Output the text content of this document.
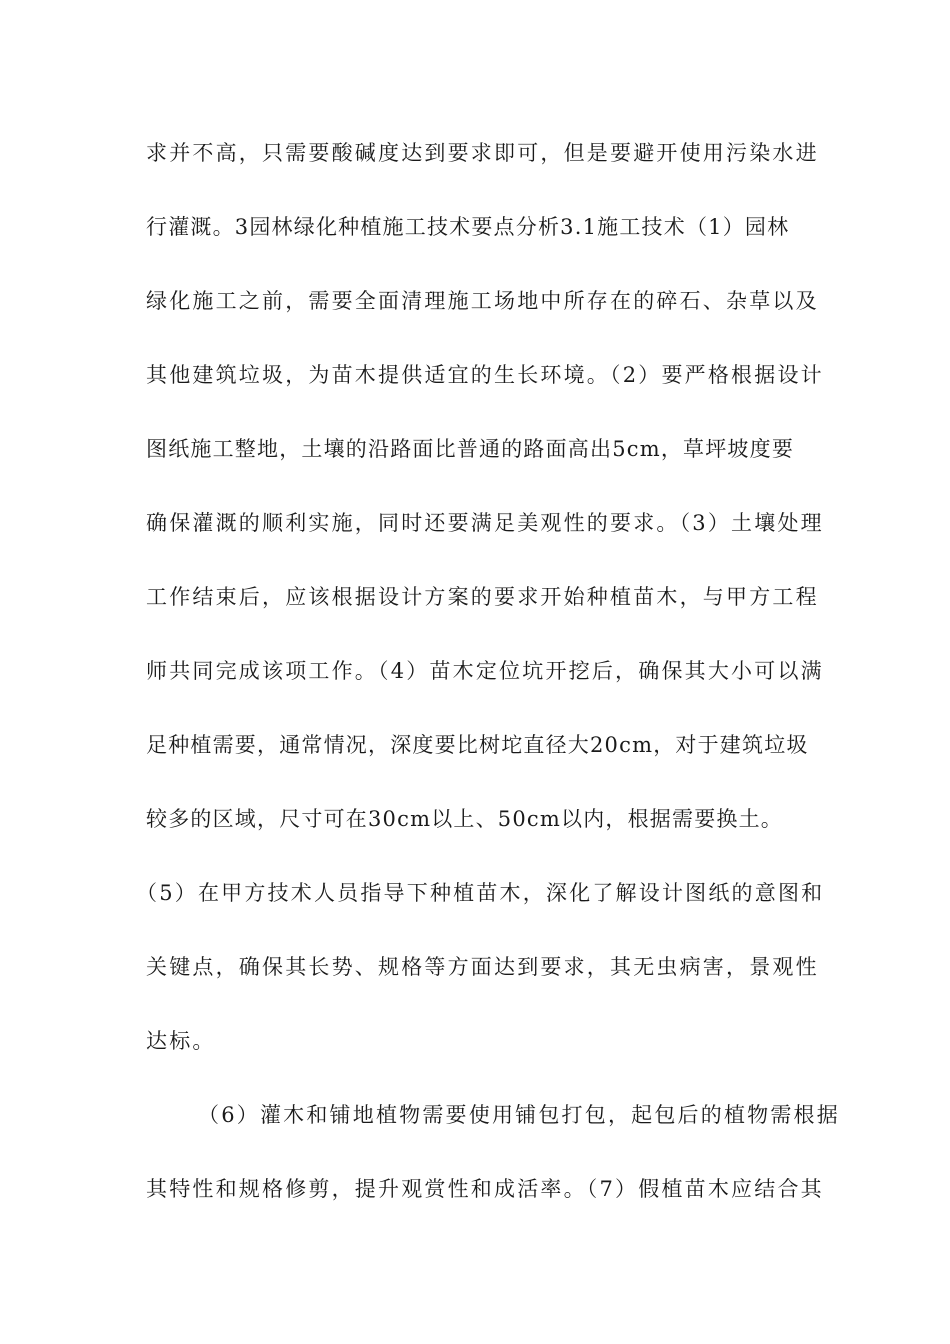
求并不高，只需要酸碱度达到要求即可，但是要避开使用污染水进
行灌溉。3园林绿化种植施工技术要点分析3.1施工技术（1）园林
绿化施工之前，需要全面清理施工场地中所存在的碎石、杂草以及
其他建筑垃圾，为苗木提供适宜的生长环境。（2）要严格根据设计
图纸施工整地，土壤的沿路面比普通的路面高出5cm，草坪坡度要
确保灌溉的顺利实施，同时还要满足美观性的要求。（3）土壤处理
工作结束后，应该根据设计方案的要求开始种植苗木，与甲方工程
师共同完成该项工作。（4）苗木定位坑开挖后，确保其大小可以满
足种植需要，通常情况，深度要比树坨直径大20cm，对于建筑垃圾
较多的区域，尺寸可在30cm以上、50cm以内，根据需要换土。
（5）在甲方技术人员指导下种植苗木，深化了解设计图纸的意图和
关键点，确保其长势、规格等方面达到要求，其无虫病害，景观性
达标。
（6）灌木和铺地植物需要使用铺包打包，起包后的植物需根据
其特性和规格修剪，提升观赏性和成活率。（7）假植苗木应结合其
